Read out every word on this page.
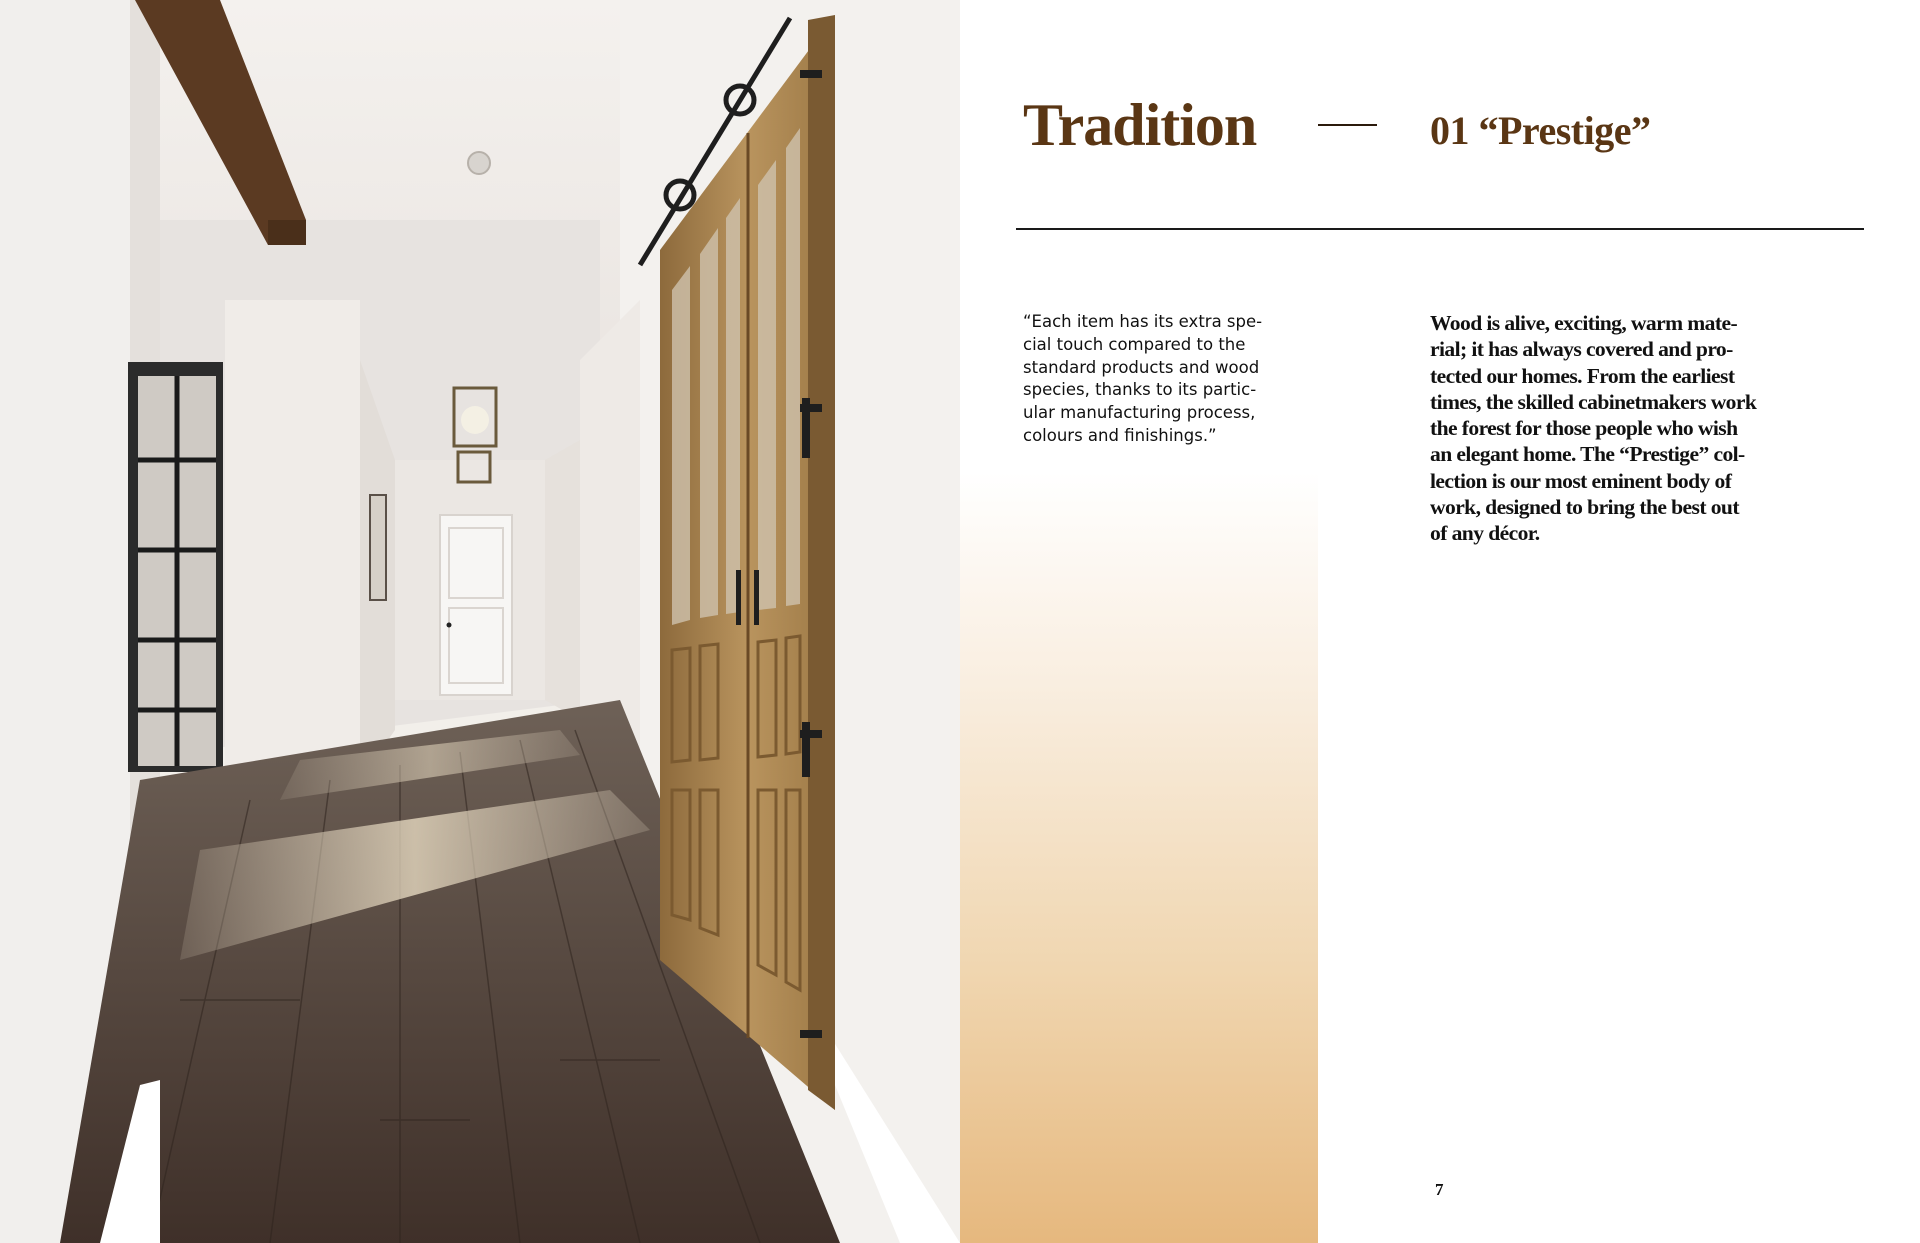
Tradition	01 “Prestige”

“Each item has its extra spe-
cial touch compared to the
standard products and wood
species, thanks to its partic-
ular manufacturing process,
colours and finishings.”

Wood is alive, exciting, warm mate-
rial; it has always covered and pro-
tected our homes. From the earliest
times, the skilled cabinetmakers work
the forest for those people who wish
an elegant home. The “Prestige” col-
lection is our most eminent body of
work, designed to bring the best out
of any décor.

7
